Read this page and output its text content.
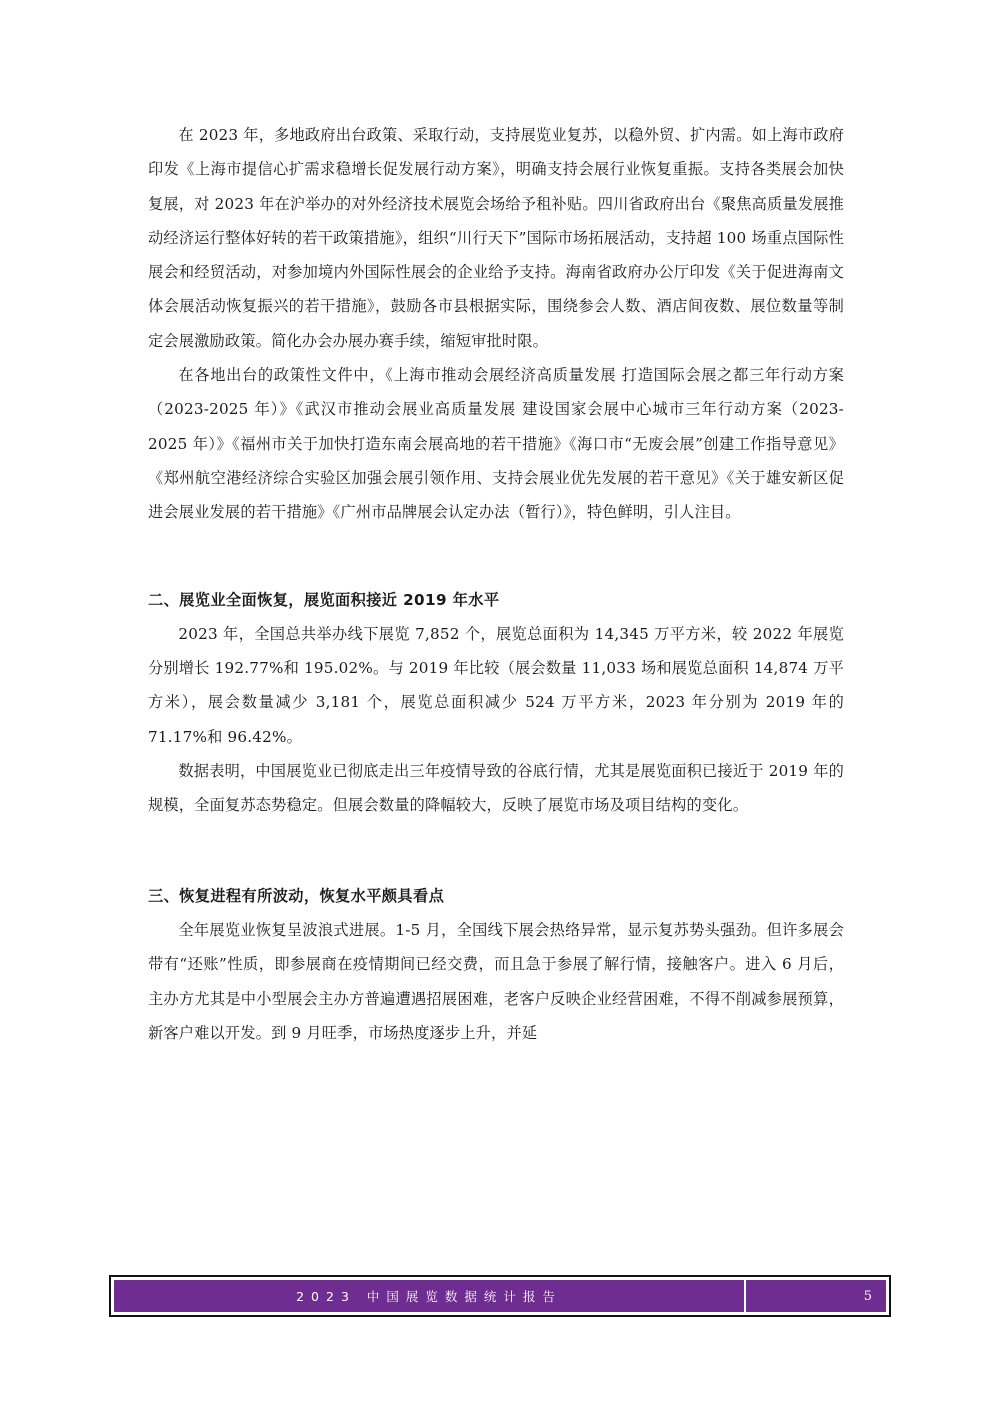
在 2023 年，多地政府出台政策、采取行动，支持展览业复苏，以稳外贸、扩内需。如上海市政府印发《上海市提信心扩需求稳增长促发展行动方案》，明确支持会展行业恢复重振。支持各类展会加快复展，对 2023 年在沪举办的对外经济技术展览会场给予租补贴。四川省政府出台《聚焦高质量发展推动经济运行整体好转的若干政策措施》，组织“川行天下”国际市场拓展活动，支持超 100 场重点国际性展会和经贸活动，对参加境内外国际性展会的企业给予支持。海南省政府办公厅印发《关于促进海南文体会展活动恢复振兴的若干措施》，鼓励各市县根据实际，围绕参会人数、酒店间夜数、展位数量等制定会展激励政策。简化办会办展办赛手续，缩短审批时限。

在各地出台的政策性文件中，《上海市推动会展经济高质量发展 打造国际会展之都三年行动方案（2023-2025 年）》《武汉市推动会展业高质量发展 建设国家会展中心城市三年行动方案（2023-2025 年）》《福州市关于加快打造东南会展高地的若干措施》《海口市“无废会展”创建工作指导意见》《郑州航空港经济综合实验区加强会展引领作用、支持会展业优先发展的若干意见》《关于雄安新区促进会展业发展的若干措施》《广州市品牌展会认定办法（暂行）》，特色鲜明，引人注目。

二、展览业全面恢复，展览面积接近 2019 年水平

2023 年，全国总共举办线下展览 7,852 个，展览总面积为 14,345 万平方米，较 2022 年展览分别增长 192.77%和 195.02%。与 2019 年比较（展会数量 11,033 场和展览总面积 14,874 万平方米），展会数量减少 3,181 个，展览总面积减少 524 万平方米，2023 年分别为 2019 年的 71.17%和 96.42%。

数据表明，中国展览业已彻底走出三年疫情导致的谷底行情，尤其是展览面积已接近于 2019 年的规模，全面复苏态势稳定。但展会数量的降幅较大，反映了展览市场及项目结构的变化。

三、恢复进程有所波动，恢复水平颇具看点

全年展览业恢复呈波浪式进展。1-5 月，全国线下展会热络异常，显示复苏势头强劲。但许多展会带有“还账”性质，即参展商在疫情期间已经交费，而且急于参展了解行情，接触客户。进入 6 月后，主办方尤其是中小型展会主办方普遍遭遇招展困难，老客户反映企业经营困难，不得不削减参展预算，新客户难以开发。到 9 月旺季，市场热度逐步上升，并延

2023 中国展览数据统计报告	5
